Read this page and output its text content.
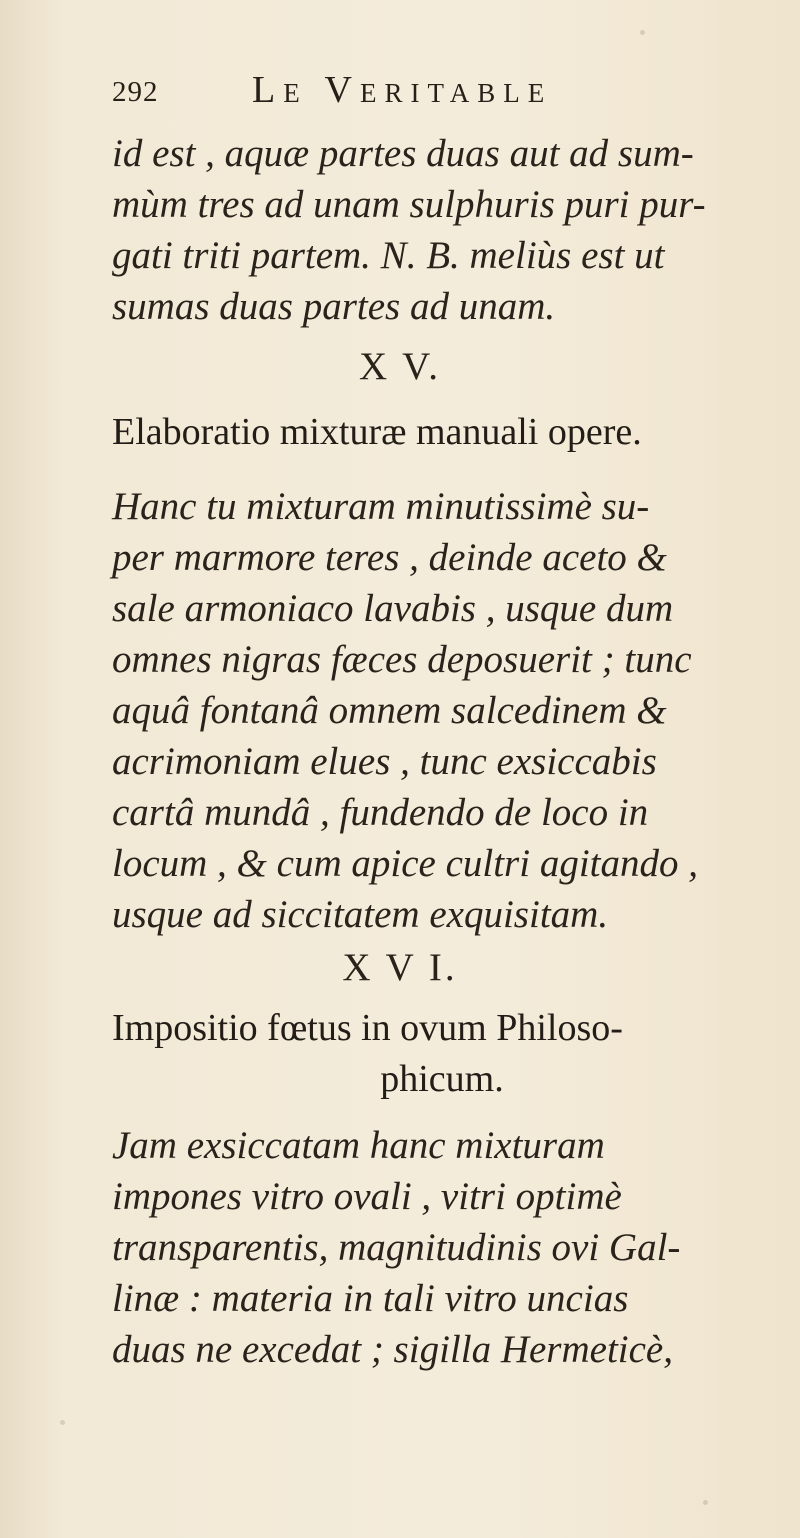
292 Le Veritable
id est , aquæ partes duas aut ad sum-
mùm tres ad unam sulphuris puri pur-
gati triti partem. N. B. meliùs est ut
sumas duas partes ad unam.
X V.
Elaboratio mixturæ manuali opere.
Hanc tu mixturam minutissimè su-
per marmore teres , deinde aceto &
sale armoniaco lavabis , usque dum
omnes nigras fæces deposuerit ; tunc
aquâ fontanâ omnem salcedinem &
acrimoniam elues , tunc exsiccabis
cartâ mundâ , fundendo de loco in
locum , & cum apice cultri agitando ,
usque ad siccitatem exquisitam.
X V I.
Impositio fœtus in ovum Philoso-
phicum.
Jam exsiccatam hanc mixturam
impones vitro ovali , vitri optimè
transparentis, magnitudinis ovi Gal-
linæ : materia in tali vitro uncias
duas ne excedat ; sigilla Hermeticè,
